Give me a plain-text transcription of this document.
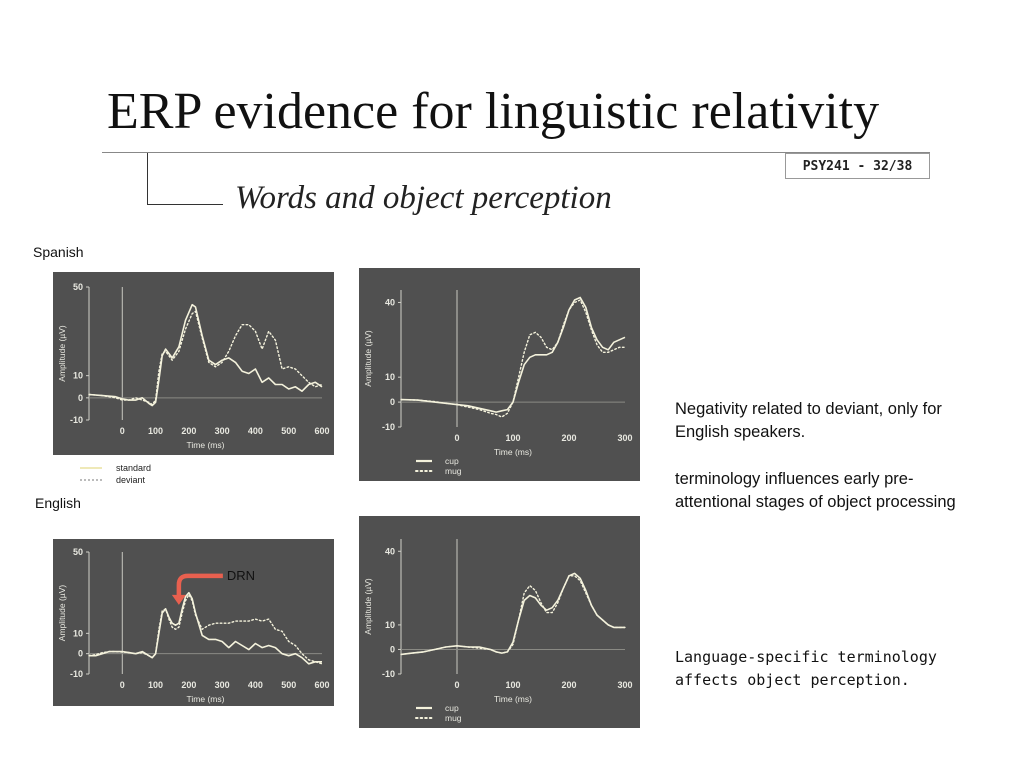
ERP evidence for linguistic relativity
Words and object perception
PSY241 - 32/38
Spanish
English
-10
0
10
50
0	100 200 300 400 500 600
Time (ms)
Amplitude (µV)
-10
0
10
40
0	100	200	300
Time (ms)
Amplitude (µV)
cup
mug
-10
0
10
50
0	100 200 300 400 500 600
Time (ms)
Amplitude (µV)
DRN
-10
0
10
40
0	100	200	300
Time (ms)
Amplitude (µV)
cup
mug
standard
deviant

Negativity related to deviant, only for English speakers.

terminology influences early pre-attentional stages of object processing

Language-specific terminology affects object perception.
